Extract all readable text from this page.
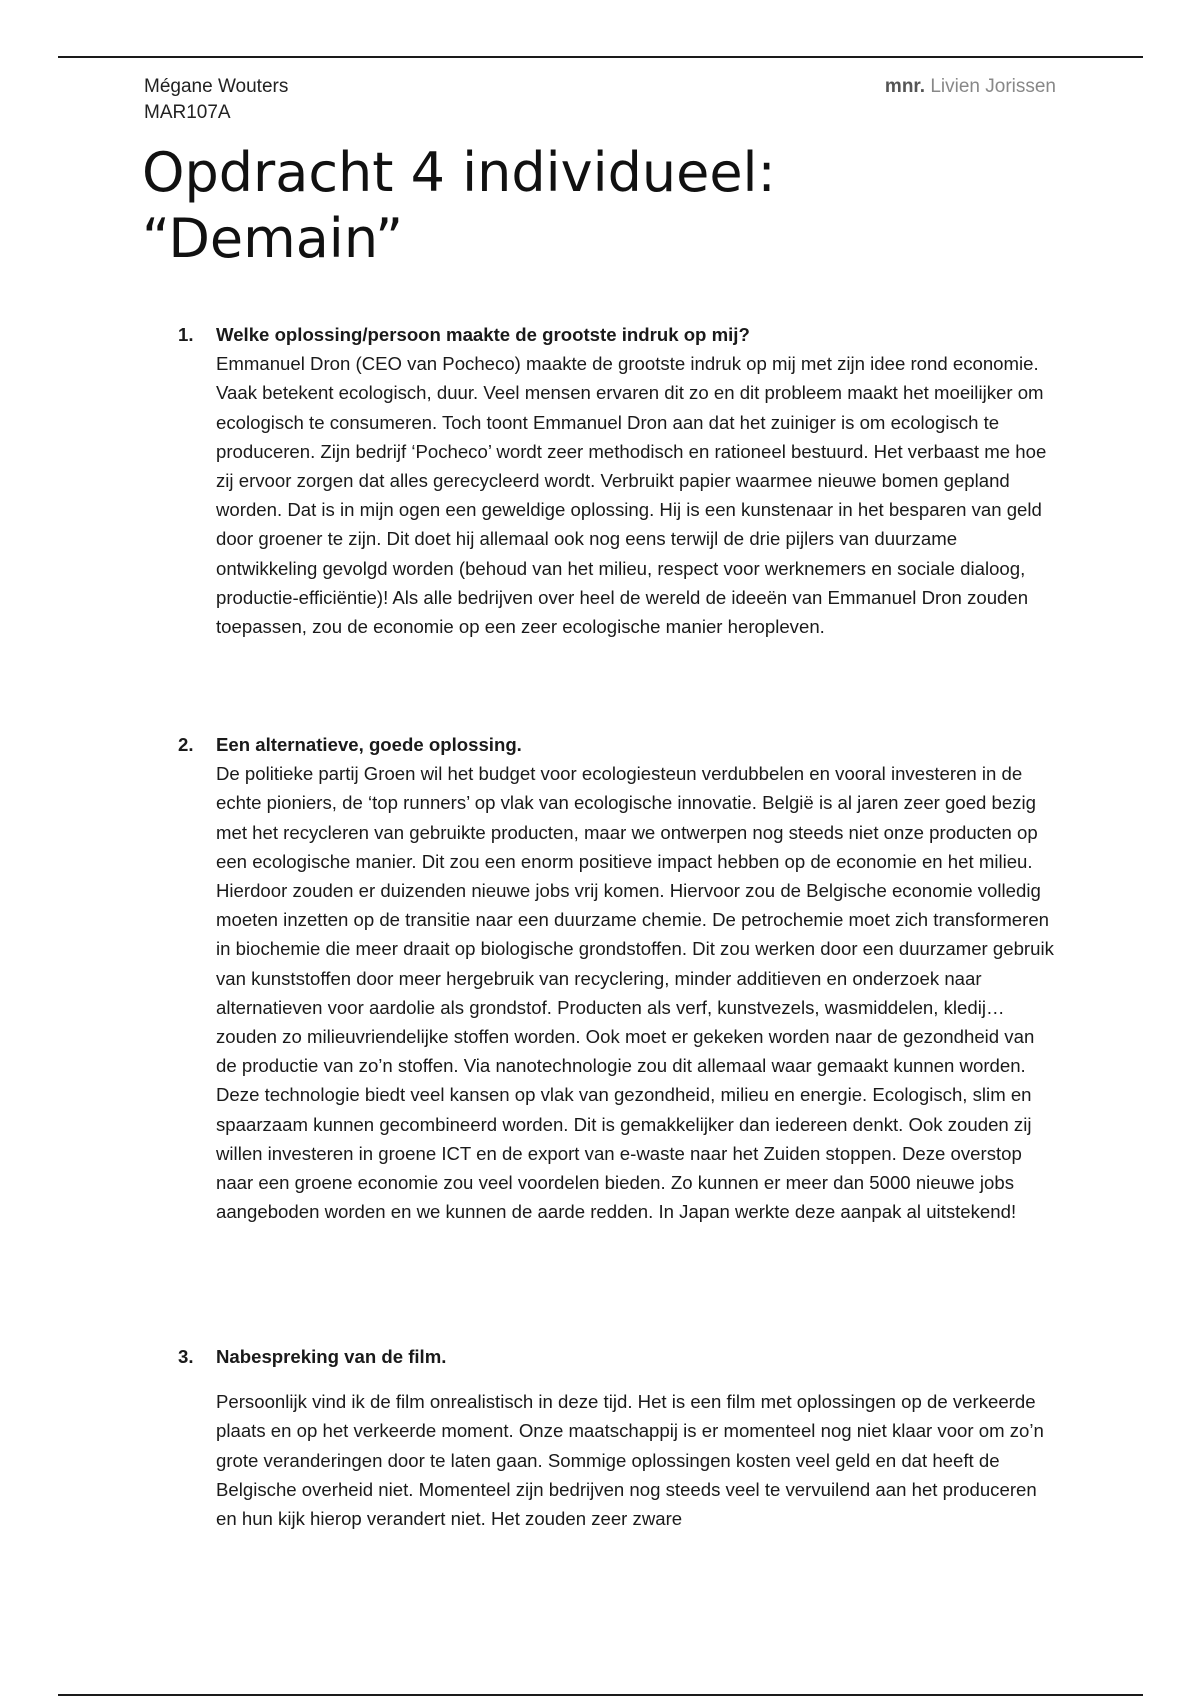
Mégane Wouters
MAR107A
mnr. Livien Jorissen
Opdracht 4 individueel:
“Demain”
1. Welke oplossing/persoon maakte de grootste indruk op mij?
Emmanuel Dron (CEO van Pocheco) maakte de grootste indruk op mij met zijn idee rond economie. Vaak betekent ecologisch, duur. Veel mensen ervaren dit zo en dit probleem maakt het moeilijker om ecologisch te consumeren. Toch toont Emmanuel Dron aan dat het zuiniger is om ecologisch te produceren. Zijn bedrijf ‘Pocheco’ wordt zeer methodisch en rationeel bestuurd. Het verbaast me hoe zij ervoor zorgen dat alles gerecycleerd wordt. Verbruikt papier waarmee nieuwe bomen gepland worden. Dat is in mijn ogen een geweldige oplossing. Hij is een kunstenaar in het besparen van geld door groener te zijn. Dit doet hij allemaal ook nog eens terwijl de drie pijlers van duurzame ontwikkeling gevolgd worden (behoud van het milieu, respect voor werknemers en sociale dialoog, productie-efficiëntie)! Als alle bedrijven over heel de wereld de ideeën van Emmanuel Dron zouden toepassen, zou de economie op een zeer ecologische manier heropleven.
2. Een alternatieve, goede oplossing.
De politieke partij Groen wil het budget voor ecologiesteun verdubbelen en vooral investeren in de echte pioniers, de ‘top runners’ op vlak van ecologische innovatie. België is al jaren zeer goed bezig met het recycleren van gebruikte producten, maar we ontwerpen nog steeds niet onze producten op een ecologische manier. Dit zou een enorm positieve impact hebben op de economie en het milieu. Hierdoor zouden er duizenden nieuwe jobs vrij komen. Hiervoor zou de Belgische economie volledig moeten inzetten op de transitie naar een duurzame chemie. De petrochemie moet zich transformeren in biochemie die meer draait op biologische grondstoffen. Dit zou werken door een duurzamer gebruik van kunststoffen door meer hergebruik van recyclering, minder additieven en onderzoek naar alternatieven voor aardolie als grondstof. Producten als verf, kunstvezels, wasmiddelen, kledij… zouden zo milieuvriendelijke stoffen worden. Ook moet er gekeken worden naar de gezondheid van de productie van zo’n stoffen. Via nanotechnologie zou dit allemaal waar gemaakt kunnen worden. Deze technologie biedt veel kansen op vlak van gezondheid, milieu en energie. Ecologisch, slim en spaarzaam kunnen gecombineerd worden. Dit is gemakkelijker dan iedereen denkt. Ook zouden zij willen investeren in groene ICT en de export van e-waste naar het Zuiden stoppen. Deze overstop naar een groene economie zou veel voordelen bieden. Zo kunnen er meer dan 5000 nieuwe jobs aangeboden worden en we kunnen de aarde redden. In Japan werkte deze aanpak al uitstekend!
3. Nabespreking van de film.
Persoonlijk vind ik de film onrealistisch in deze tijd. Het is een film met oplossingen op de verkeerde plaats en op het verkeerde moment. Onze maatschappij is er momenteel nog niet klaar voor om zo’n grote veranderingen door te laten gaan. Sommige oplossingen kosten veel geld en dat heeft de Belgische overheid niet. Momenteel zijn bedrijven nog steeds veel te vervuilend aan het produceren en hun kijk hierop verandert niet. Het zouden zeer zware
